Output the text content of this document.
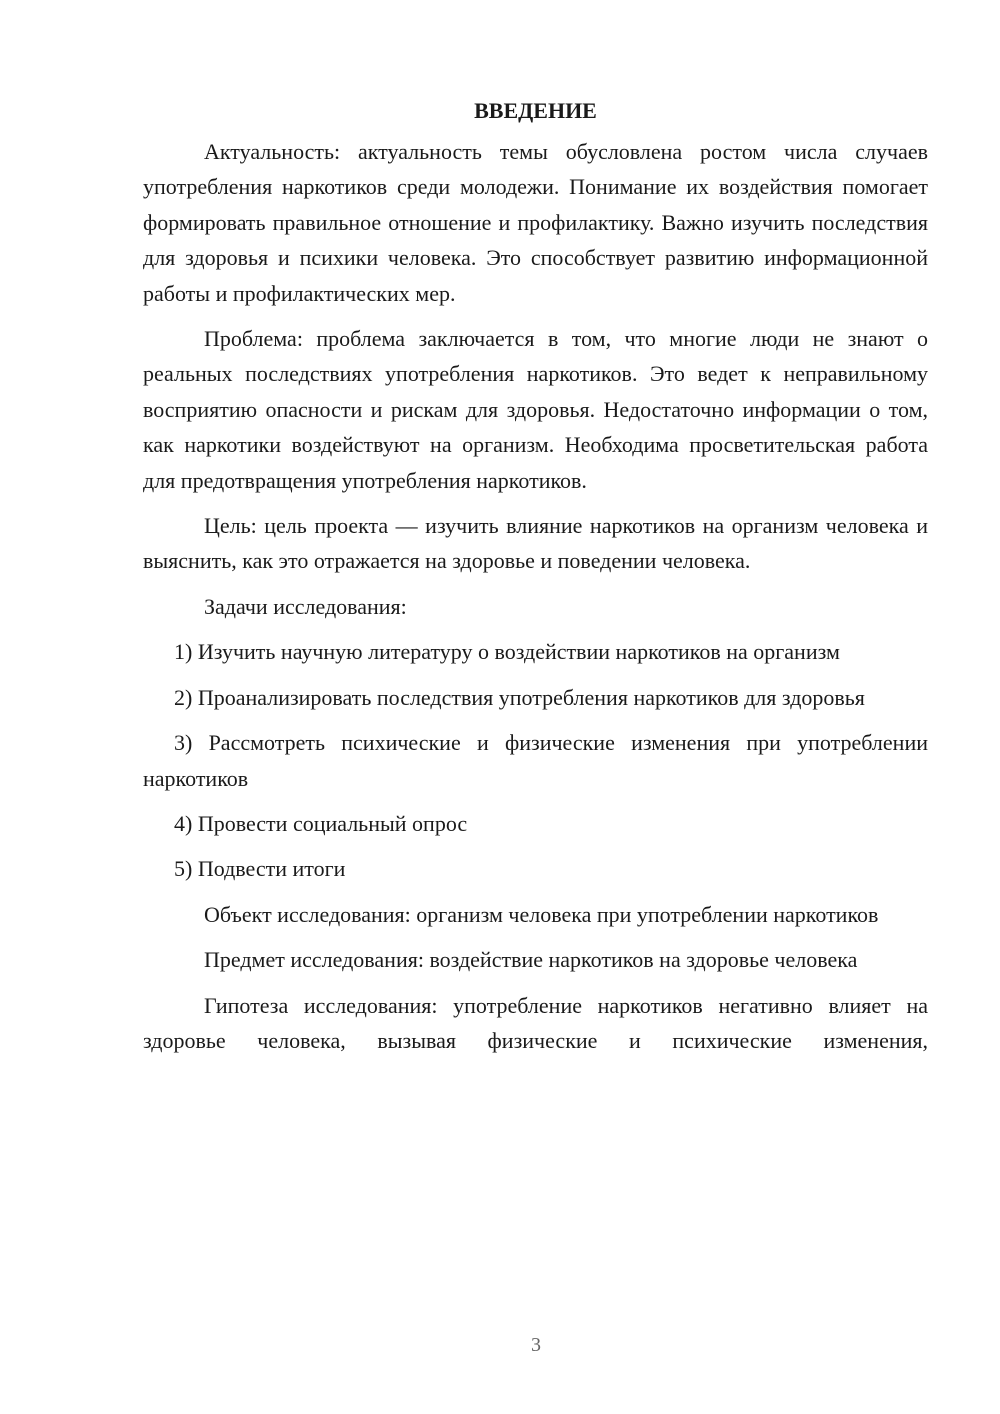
ВВЕДЕНИЕ

Актуальность: актуальность темы обусловлена ростом числа случаев употребления наркотиков среди молодежи. Понимание их воздействия помогает формировать правильное отношение и профилактику. Важно изучить последствия для здоровья и психики человека. Это способствует развитию информационной работы и профилактических мер.

Проблема: проблема заключается в том, что многие люди не знают о реальных последствиях употребления наркотиков. Это ведет к неправильному восприятию опасности и рискам для здоровья. Недостаточно информации о том, как наркотики воздействуют на организм. Необходима просветительская работа для предотвращения употребления наркотиков.

Цель: цель проекта — изучить влияние наркотиков на организм человека и выяснить, как это отражается на здоровье и поведении человека.

Задачи исследования:

1) Изучить научную литературу о воздействии наркотиков на организм

2) Проанализировать последствия употребления наркотиков для здоровья

3) Рассмотреть психические и физические изменения при употреблении наркотиков

4) Провести социальный опрос

5) Подвести итоги

Объект исследования: организм человека при употреблении наркотиков

Предмет исследования: воздействие наркотиков на здоровье человека

Гипотеза исследования: употребление наркотиков негативно влияет на здоровье человека, вызывая физические и психические изменения,

3
